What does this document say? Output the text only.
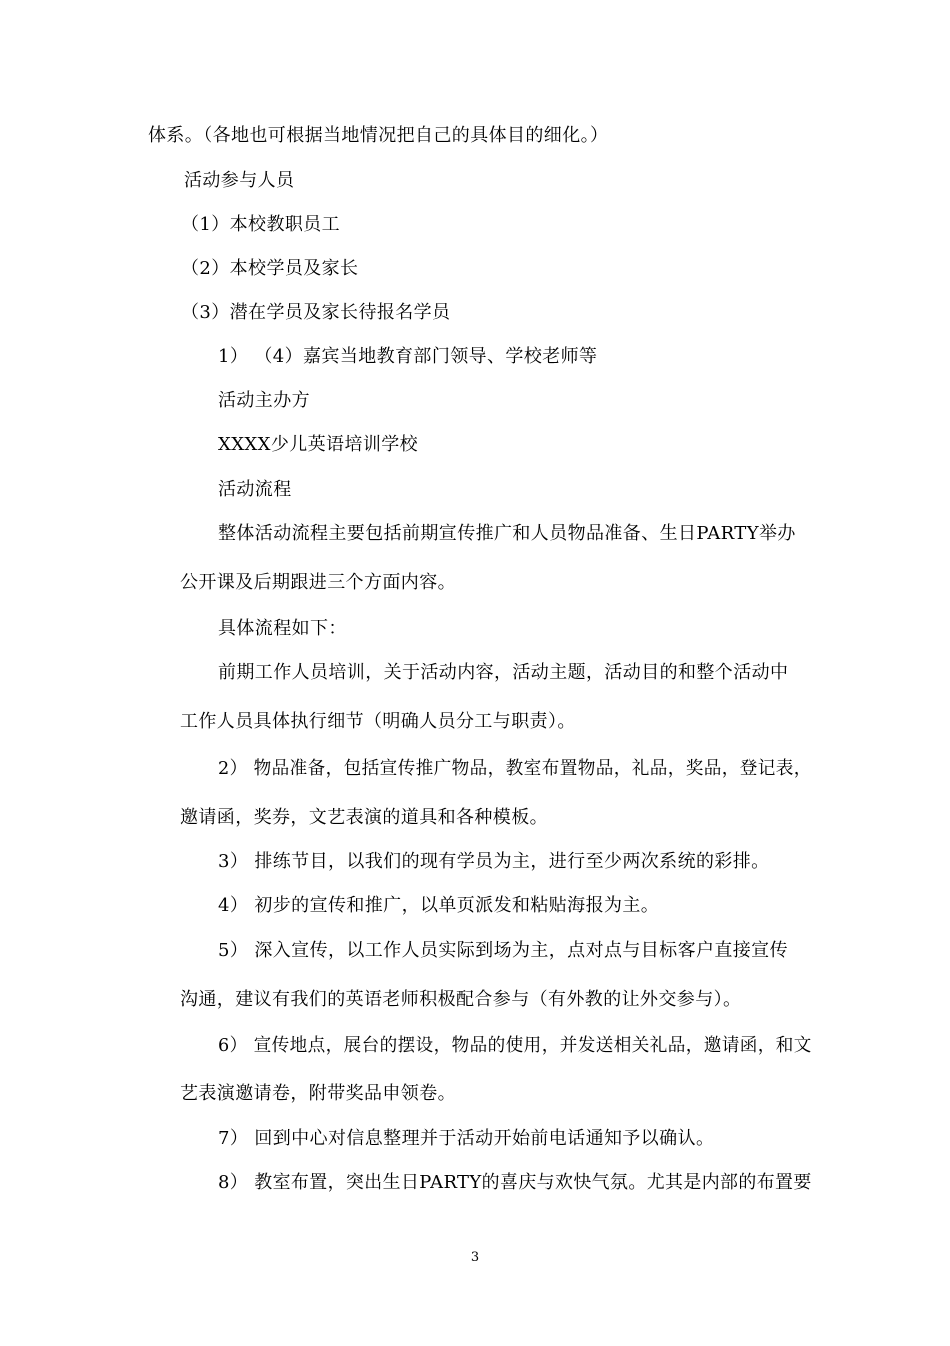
体系。（各地也可根据当地情况把自己的具体目的细化。）
活动参与人员
（1）本校教职员工
（2）本校学员及家长
（3）潜在学员及家长待报名学员
1） （4）嘉宾当地教育部门领导、学校老师等
活动主办方
XXXX少儿英语培训学校
活动流程
整体活动流程主要包括前期宣传推广和人员物品准备、生日PARTY举办
公开课及后期跟进三个方面内容。
具体流程如下：
前期工作人员培训，关于活动内容，活动主题，活动目的和整个活动中
工作人员具体执行细节（明确人员分工与职责）。
2） 物品准备，包括宣传推广物品，教室布置物品，礼品，奖品，登记表，
邀请函，奖券，文艺表演的道具和各种模板。
3） 排练节目，以我们的现有学员为主，进行至少两次系统的彩排。
4） 初步的宣传和推广，以单页派发和粘贴海报为主。
5） 深入宣传，以工作人员实际到场为主，点对点与目标客户直接宣传
沟通，建议有我们的英语老师积极配合参与（有外教的让外交参与）。
6） 宣传地点，展台的摆设，物品的使用，并发送相关礼品，邀请函，和文
艺表演邀请卷，附带奖品申领卷。
7） 回到中心对信息整理并于活动开始前电话通知予以确认。
8） 教室布置，突出生日PARTY的喜庆与欢快气氛。尤其是内部的布置要
3
